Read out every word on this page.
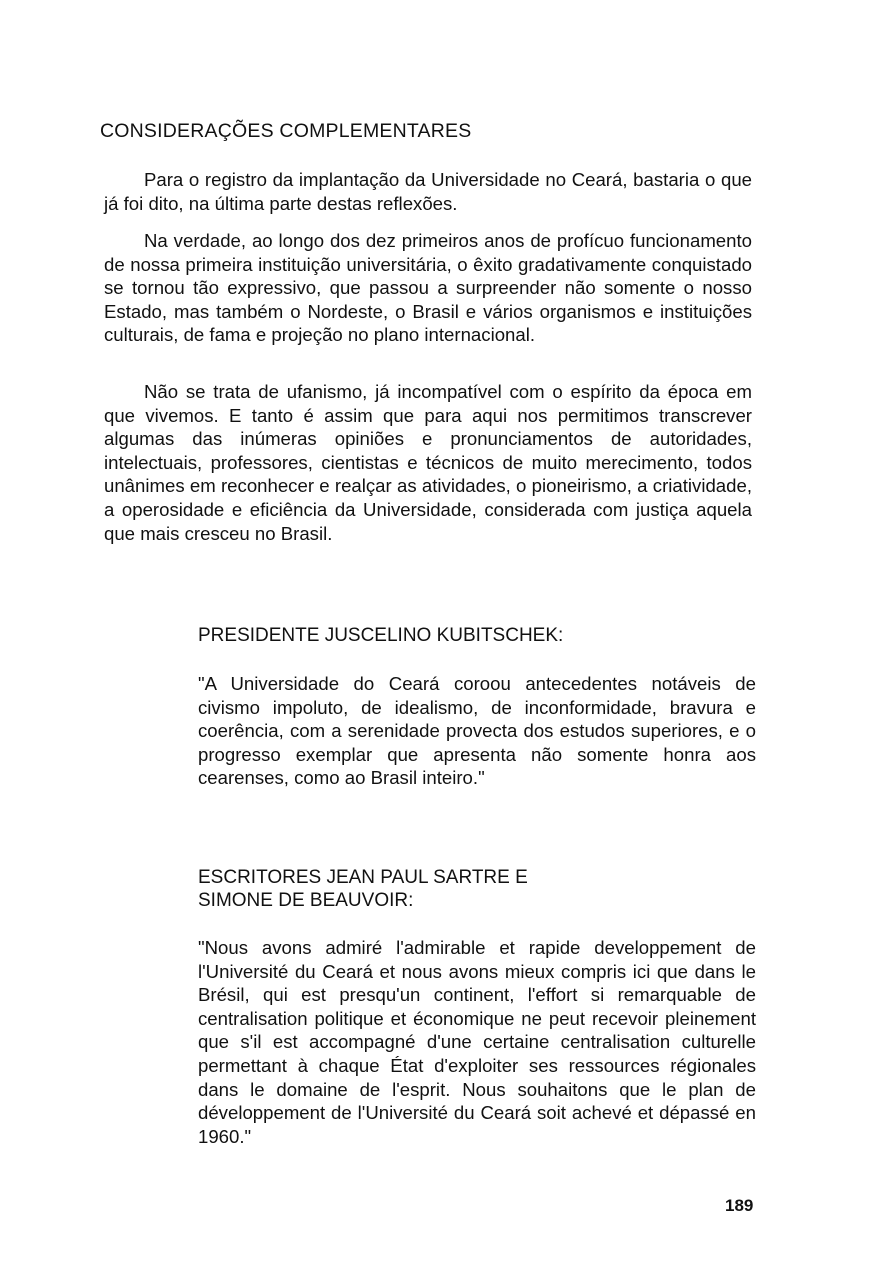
CONSIDERAÇÕES COMPLEMENTARES

Para o registro da implantação da Universidade no Ceará, bastaria o que já foi dito, na última parte destas reflexões.

Na verdade, ao longo dos dez primeiros anos de profícuo funcionamento de nossa primeira instituição universitária, o êxito gradativamente conquistado se tornou tão expressivo, que passou a surpreender não somente o nosso Estado, mas também o Nordeste, o Brasil e vários organismos e instituições culturais, de fama e projeção no plano internacional.

Não se trata de ufanismo, já incompatível com o espírito da época em que vivemos. E tanto é assim que para aqui nos permitimos transcrever algumas das inúmeras opiniões e pronunciamentos de autoridades, intelectuais, professores, cientistas e técnicos de muito merecimento, todos unânimes em reconhecer e realçar as atividades, o pioneirismo, a criatividade, a operosidade e eficiência da Universidade, considerada com justiça aquela que mais cresceu no Brasil.

PRESIDENTE JUSCELINO KUBITSCHEK:

"A Universidade do Ceará coroou antecedentes notáveis de civismo impoluto, de idealismo, de inconformidade, bravura e coerência, com a serenidade provecta dos estudos superiores, e o progresso exemplar que apresenta não somente honra aos cearenses, como ao Brasil inteiro."

ESCRITORES JEAN PAUL SARTRE E
SIMONE DE BEAUVOIR:

"Nous avons admiré l'admirable et rapide developpement de l'Université du Ceará et nous avons mieux compris ici que dans le Brésil, qui est presqu'un continent, l'effort si remarquable de centralisation politique et économique ne peut recevoir pleinement que s'il est accompagné d'une certaine centralisation culturelle permettant à chaque État d'exploiter ses ressources régionales dans le domaine de l'esprit. Nous souhaitons que le plan de développement de l'Université du Ceará soit achevé et dépassé en 1960."

189
